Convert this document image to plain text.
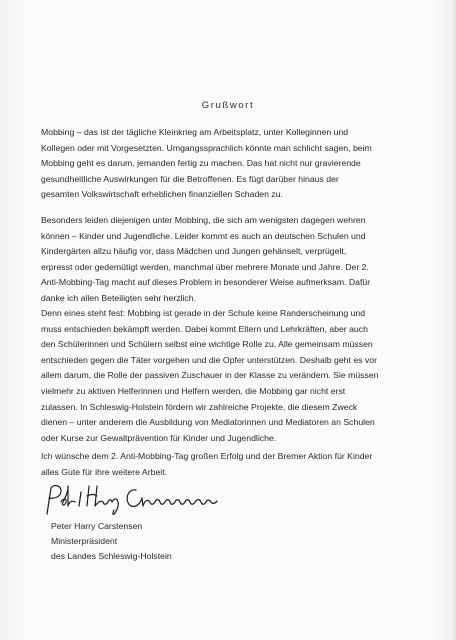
Grußwort
Mobbing – das ist der tägliche Kleinkrieg am Arbeitsplatz, unter Kolleginnen und
Kollegen oder mit Vorgesetzten. Umgangssprachlich könnte man schlicht sagen, beim
Mobbing geht es darum, jemanden fertig zu machen. Das hat nicht nur gravierende
gesundheitliche Auswirkungen für die Betroffenen. Es fügt darüber hinaus der
gesamten Volkswirtschaft erheblichen finanziellen Schaden zu.
Besonders leiden diejenigen unter Mobbing, die sich am wenigsten dagegen wehren
können – Kinder und Jugendliche. Leider kommt es auch an deutschen Schulen und
Kindergärten allzu häufig vor, dass Mädchen und Jungen gehänselt, verprügelt,
erpresst oder gedemütigt werden, manchmal über mehrere Monate und Jahre. Der 2.
Anti-Mobbing-Tag macht auf dieses Problem in besonderer Weise aufmerksam. Dafür
danke ich allen Beteiligten sehr herzlich.
Denn eines steht fest: Mobbing ist gerade in der Schule keine Randerscheinung und
muss entschieden bekämpft werden. Dabei kommt Eltern und Lehrkräften, aber auch
den Schülerinnen und Schülern selbst eine wichtige Rolle zu. Alle gemeinsam müssen
entschieden gegen die Täter vorgehen und die Opfer unterstützen. Deshalb geht es vor
allem darum, die Rolle der passiven Zuschauer in der Klasse zu verändern. Sie müssen
vielmehr zu aktiven Helferinnen und Helfern werden, die Mobbing gar nicht erst
zulassen. In Schleswig-Holstein fördern wir zahlreiche Projekte, die diesem Zweck
dienen – unter anderem die Ausbildung von Mediatorinnen und Mediatoren an Schulen
oder Kurse zur Gewaltprävention für Kinder und Jugendliche.
Ich wünsche dem 2. Anti-Mobbing-Tag großen Erfolg und der Bremer Aktion für Kinder
alles Gute für ihre weitere Arbeit.
Peter Harry Carstensen
Ministerpräsident
des Landes Schleswig-Holstein
